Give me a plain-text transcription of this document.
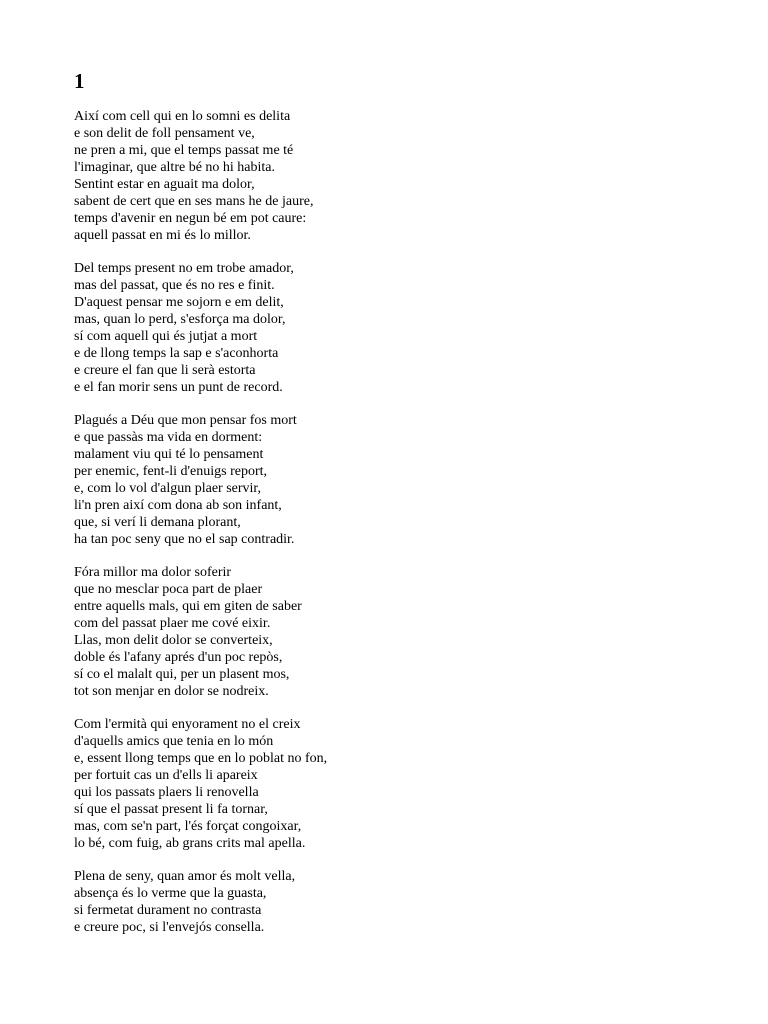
1
Així com cell qui en lo somni es delita
e son delit de foll pensament ve,
ne pren a mi, que el temps passat me té
l'imaginar, que altre bé no hi habita.
Sentint estar en aguait ma dolor,
sabent de cert que en ses mans he de jaure,
temps d'avenir en negun bé em pot caure:
aquell passat en mi és lo millor.
Del temps present no em trobe amador,
mas del passat, que és no res e finit.
D'aquest pensar me sojorn e em delit,
mas, quan lo perd, s'esforça ma dolor,
sí com aquell qui és jutjat a mort
e de llong temps la sap e s'aconhorta
e creure el fan que li serà estorta
e el fan morir sens un punt de record.
Plagués a Déu que mon pensar fos mort
e que passàs ma vida en dorment:
malament viu qui té lo pensament
per enemic, fent-li d'enuigs report,
e, com lo vol d'algun plaer servir,
li'n pren així com dona ab son infant,
que, si verí li demana plorant,
ha tan poc seny que no el sap contradir.
Fóra millor ma dolor soferir
que no mesclar poca part de plaer
entre aquells mals, qui em giten de saber
com del passat plaer me cové eixir.
Llas, mon delit dolor se converteix,
doble és l'afany aprés d'un poc repòs,
sí co el malalt qui, per un plasent mos,
tot son menjar en dolor se nodreix.
Com l'ermità qui enyorament no el creix
d'aquells amics que tenia en lo món
e, essent llong temps que en lo poblat no fon,
per fortuit cas un d'ells li apareix
qui los passats plaers li renovella
sí que el passat present li fa tornar,
mas, com se'n part, l'és forçat congoixar,
lo bé, com fuig, ab grans crits mal apella.
Plena de seny, quan amor és molt vella,
absença és lo verme que la guasta,
si fermetat durament no contrasta
e creure poc, si l'envejós consella.
